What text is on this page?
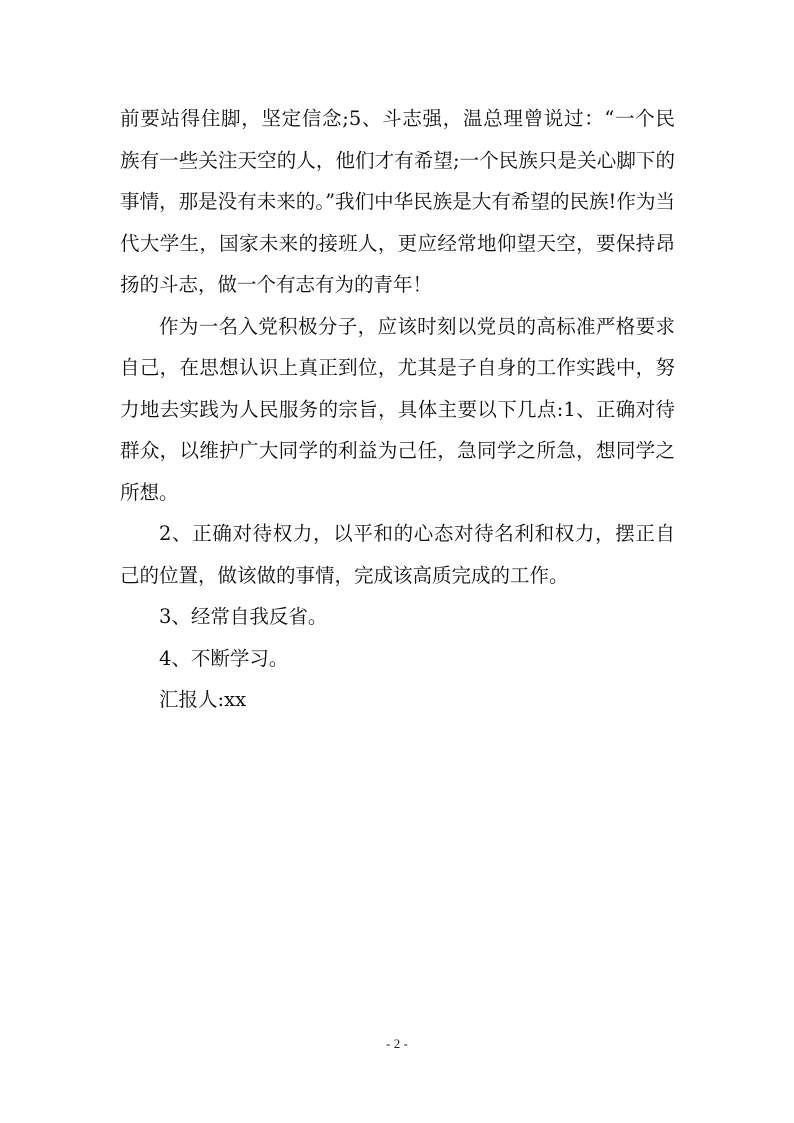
前要站得住脚，坚定信念;5、斗志强，温总理曾说过：“一个民族有一些关注天空的人，他们才有希望;一个民族只是关心脚下的事情，那是没有未来的。”我们中华民族是大有希望的民族!作为当代大学生，国家未来的接班人，更应经常地仰望天空，要保持昂扬的斗志，做一个有志有为的青年！

作为一名入党积极分子，应该时刻以党员的高标准严格要求自己，在思想认识上真正到位，尤其是子自身的工作实践中，努力地去实践为人民服务的宗旨，具体主要以下几点:1、正确对待群众，以维护广大同学的利益为己任，急同学之所急，想同学之所想。

2、正确对待权力，以平和的心态对待名利和权力，摆正自己的位置，做该做的事情，完成该高质完成的工作。

3、经常自我反省。

4、不断学习。

汇报人:xx

- 2 -
